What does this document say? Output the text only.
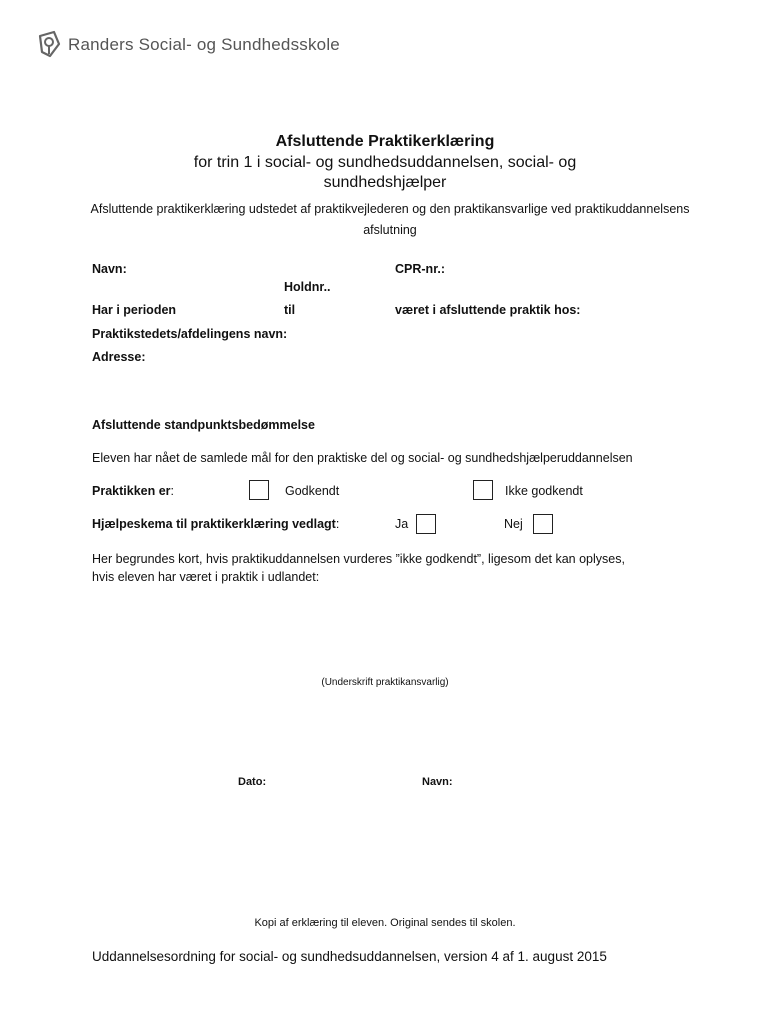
Randers Social- og Sundhedsskole
Afsluttende Praktikerklæring
for trin 1 i social- og sundhedsuddannelsen, social- og sundhedshjælper
Afsluttende praktikerklæring udstedet af praktikvejlederen og den praktikansvarlige ved praktikuddannelsens afslutning
Navn:	CPR-nr.:
Holdnr..
Har i perioden	til	været i afsluttende praktik hos:
Praktikstedets/afdelingens navn:
Adresse:
Afsluttende standpunktsbedømmelse
Eleven har nået de samlede mål for den praktiske del og social- og sundhedshjælperuddannelsen
Praktikken er:	Godkendt	Ikke godkendt
Hjælpeskema til praktikerklæring vedlagt:	Ja	Nej
Her begrundes kort, hvis praktikuddannelsen vurderes ”ikke godkendt”, ligesom det kan oplyses,
hvis eleven har været i praktik i udlandet:
(Underskrift praktikansvarlig)
Dato:	Navn:
Kopi af erklæring til eleven. Original sendes til skolen.
Uddannelsesordning for social- og sundhedsuddannelsen, version 4 af 1. august 2015
